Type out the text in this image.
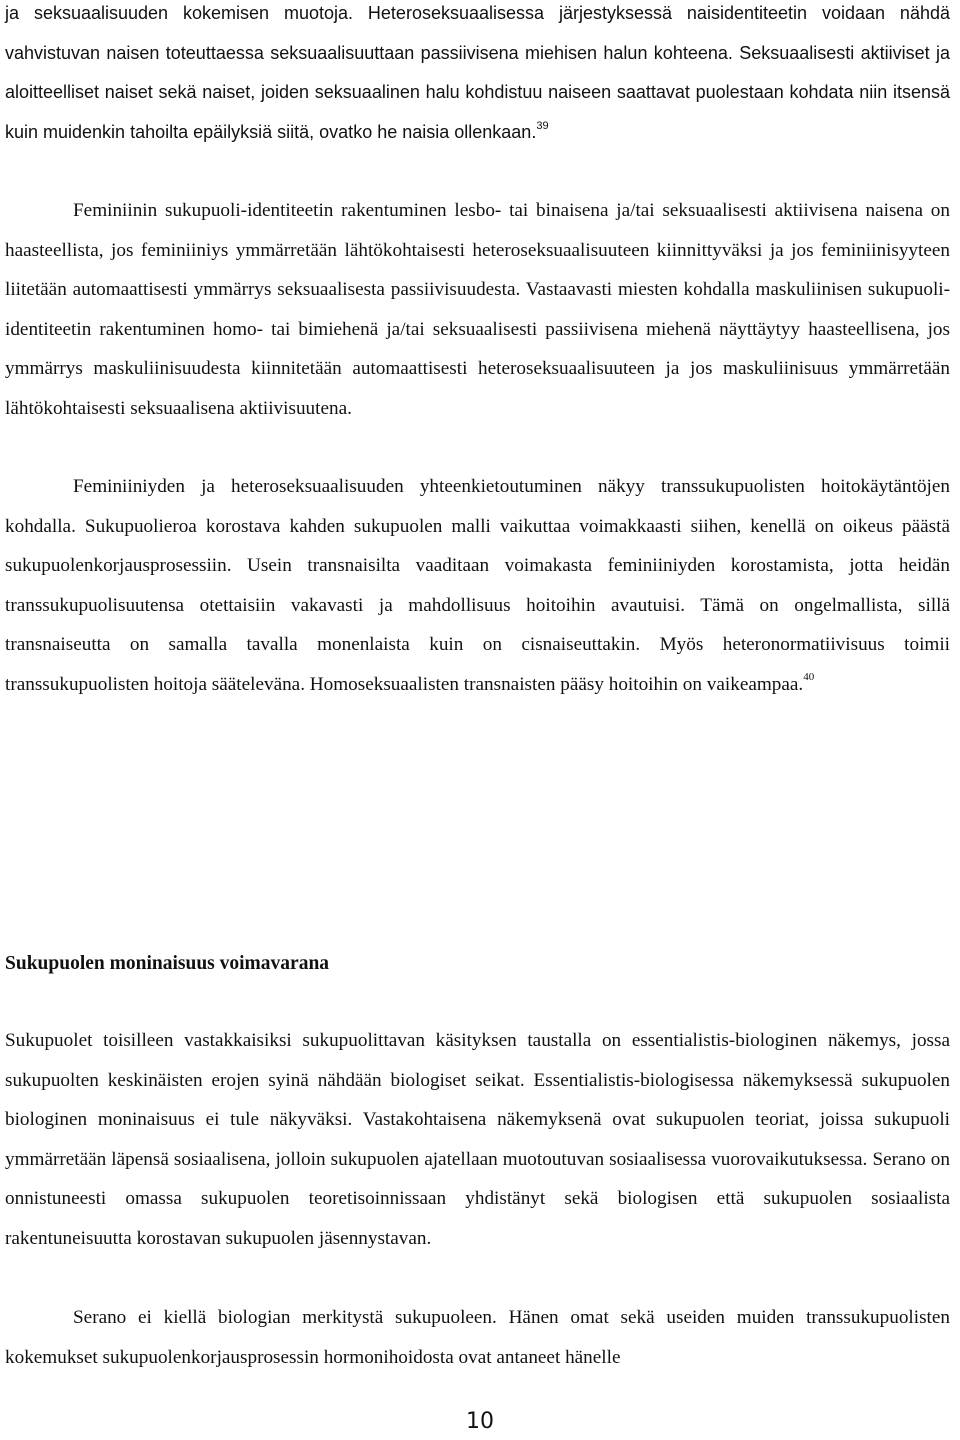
ja seksuaalisuuden kokemisen muotoja. Heteroseksuaalisessa järjestyksessä naisidentiteetin voidaan nähdä vahvistuvan naisen toteuttaessa seksuaalisuuttaan passiivisena miehisen halun kohteena. Seksuaalisesti aktiiviset ja aloitteelliset naiset sekä naiset, joiden seksuaalinen halu kohdistuu naiseen saattavat puolestaan kohdata niin itsensä kuin muidenkin tahoilta epäilyksiä siitä, ovatko he naisia ollenkaan.$^{39}$

Feminiinin sukupuoli-identiteetin rakentuminen lesbo- tai binaisena ja/tai seksuaalisesti aktiivisena naisena on haasteellista, jos feminiiniys ymmärretään lähtökohtaisesti heteroseksuaalisuuteen kiinnittyväksi ja jos feminiinisyyteen liitetään automaattisesti ymmärrys seksuaalisesta passiivisuudesta. Vastaavasti miesten kohdalla maskuliinisen sukupuoli-identiteetin rakentuminen homo- tai bimiehenä ja/tai seksuaalisesti passiivisena miehenä näyttäytyy haasteellisena, jos ymmärrys maskuliinisuudesta kiinnitetään automaattisesti heteroseksuaalisuuteen ja jos maskuliinisuus ymmärretään lähtökohtaisesti seksuaalisena aktiivisuutena.

Feminiiniyden ja heteroseksuaalisuuden yhteenkietoutuminen näkyy transsukupuolisten hoitokäytäntöjen kohdalla. Sukupuolieroa korostava kahden sukupuolen malli vaikuttaa voimakkaasti siihen, kenellä on oikeus päästä sukupuolenkorjausprosessiin. Usein transnaisilta vaaditaan voimakasta feminiiniyden korostamista, jotta heidän transsukupuolisuutensa otettaisiin vakavasti ja mahdollisuus hoitoihin avautuisi. Tämä on ongelmallista, sillä transnaiseutta on samalla tavalla monenlaista kuin on cisnaiseuttakin. Myös heteronormatiivisuus toimii transsukupuolisten hoitoja sääteleväna. Homoseksuaalisten transnaisten pääsy hoitoihin on vaikeampaa.$^{40}$

Sukupuolen moninaisuus voimavarana

Sukupuolet toisilleen vastakkaisiksi sukupuolittavan käsityksen taustalla on essentialistis-biologinen näkemys, jossa sukupuolten keskinäisten erojen syinä nähdään biologiset seikat. Essentialistis-biologisessa näkemyksessä sukupuolen biologinen moninaisuus ei tule näkyväksi. Vastakohtaisena näkemyksenä ovat sukupuolen teoriat, joissa sukupuoli ymmärretään läpensä sosiaalisena, jolloin sukupuolen ajatellaan muotoutuvan sosiaalisessa vuorovaikutuksessa. Serano on onnistuneesti omassa sukupuolen teoretisoinnissaan yhdistänyt sekä biologisen että sukupuolen sosiaalista rakentuneisuutta korostavan sukupuolen jäsennystavan.

Serano ei kiellä biologian merkitystä sukupuoleen. Hänen omat sekä useiden muiden transsukupuolisten kokemukset sukupuolenkorjausprosessin hormonihoidosta ovat antaneet hänelle

10
